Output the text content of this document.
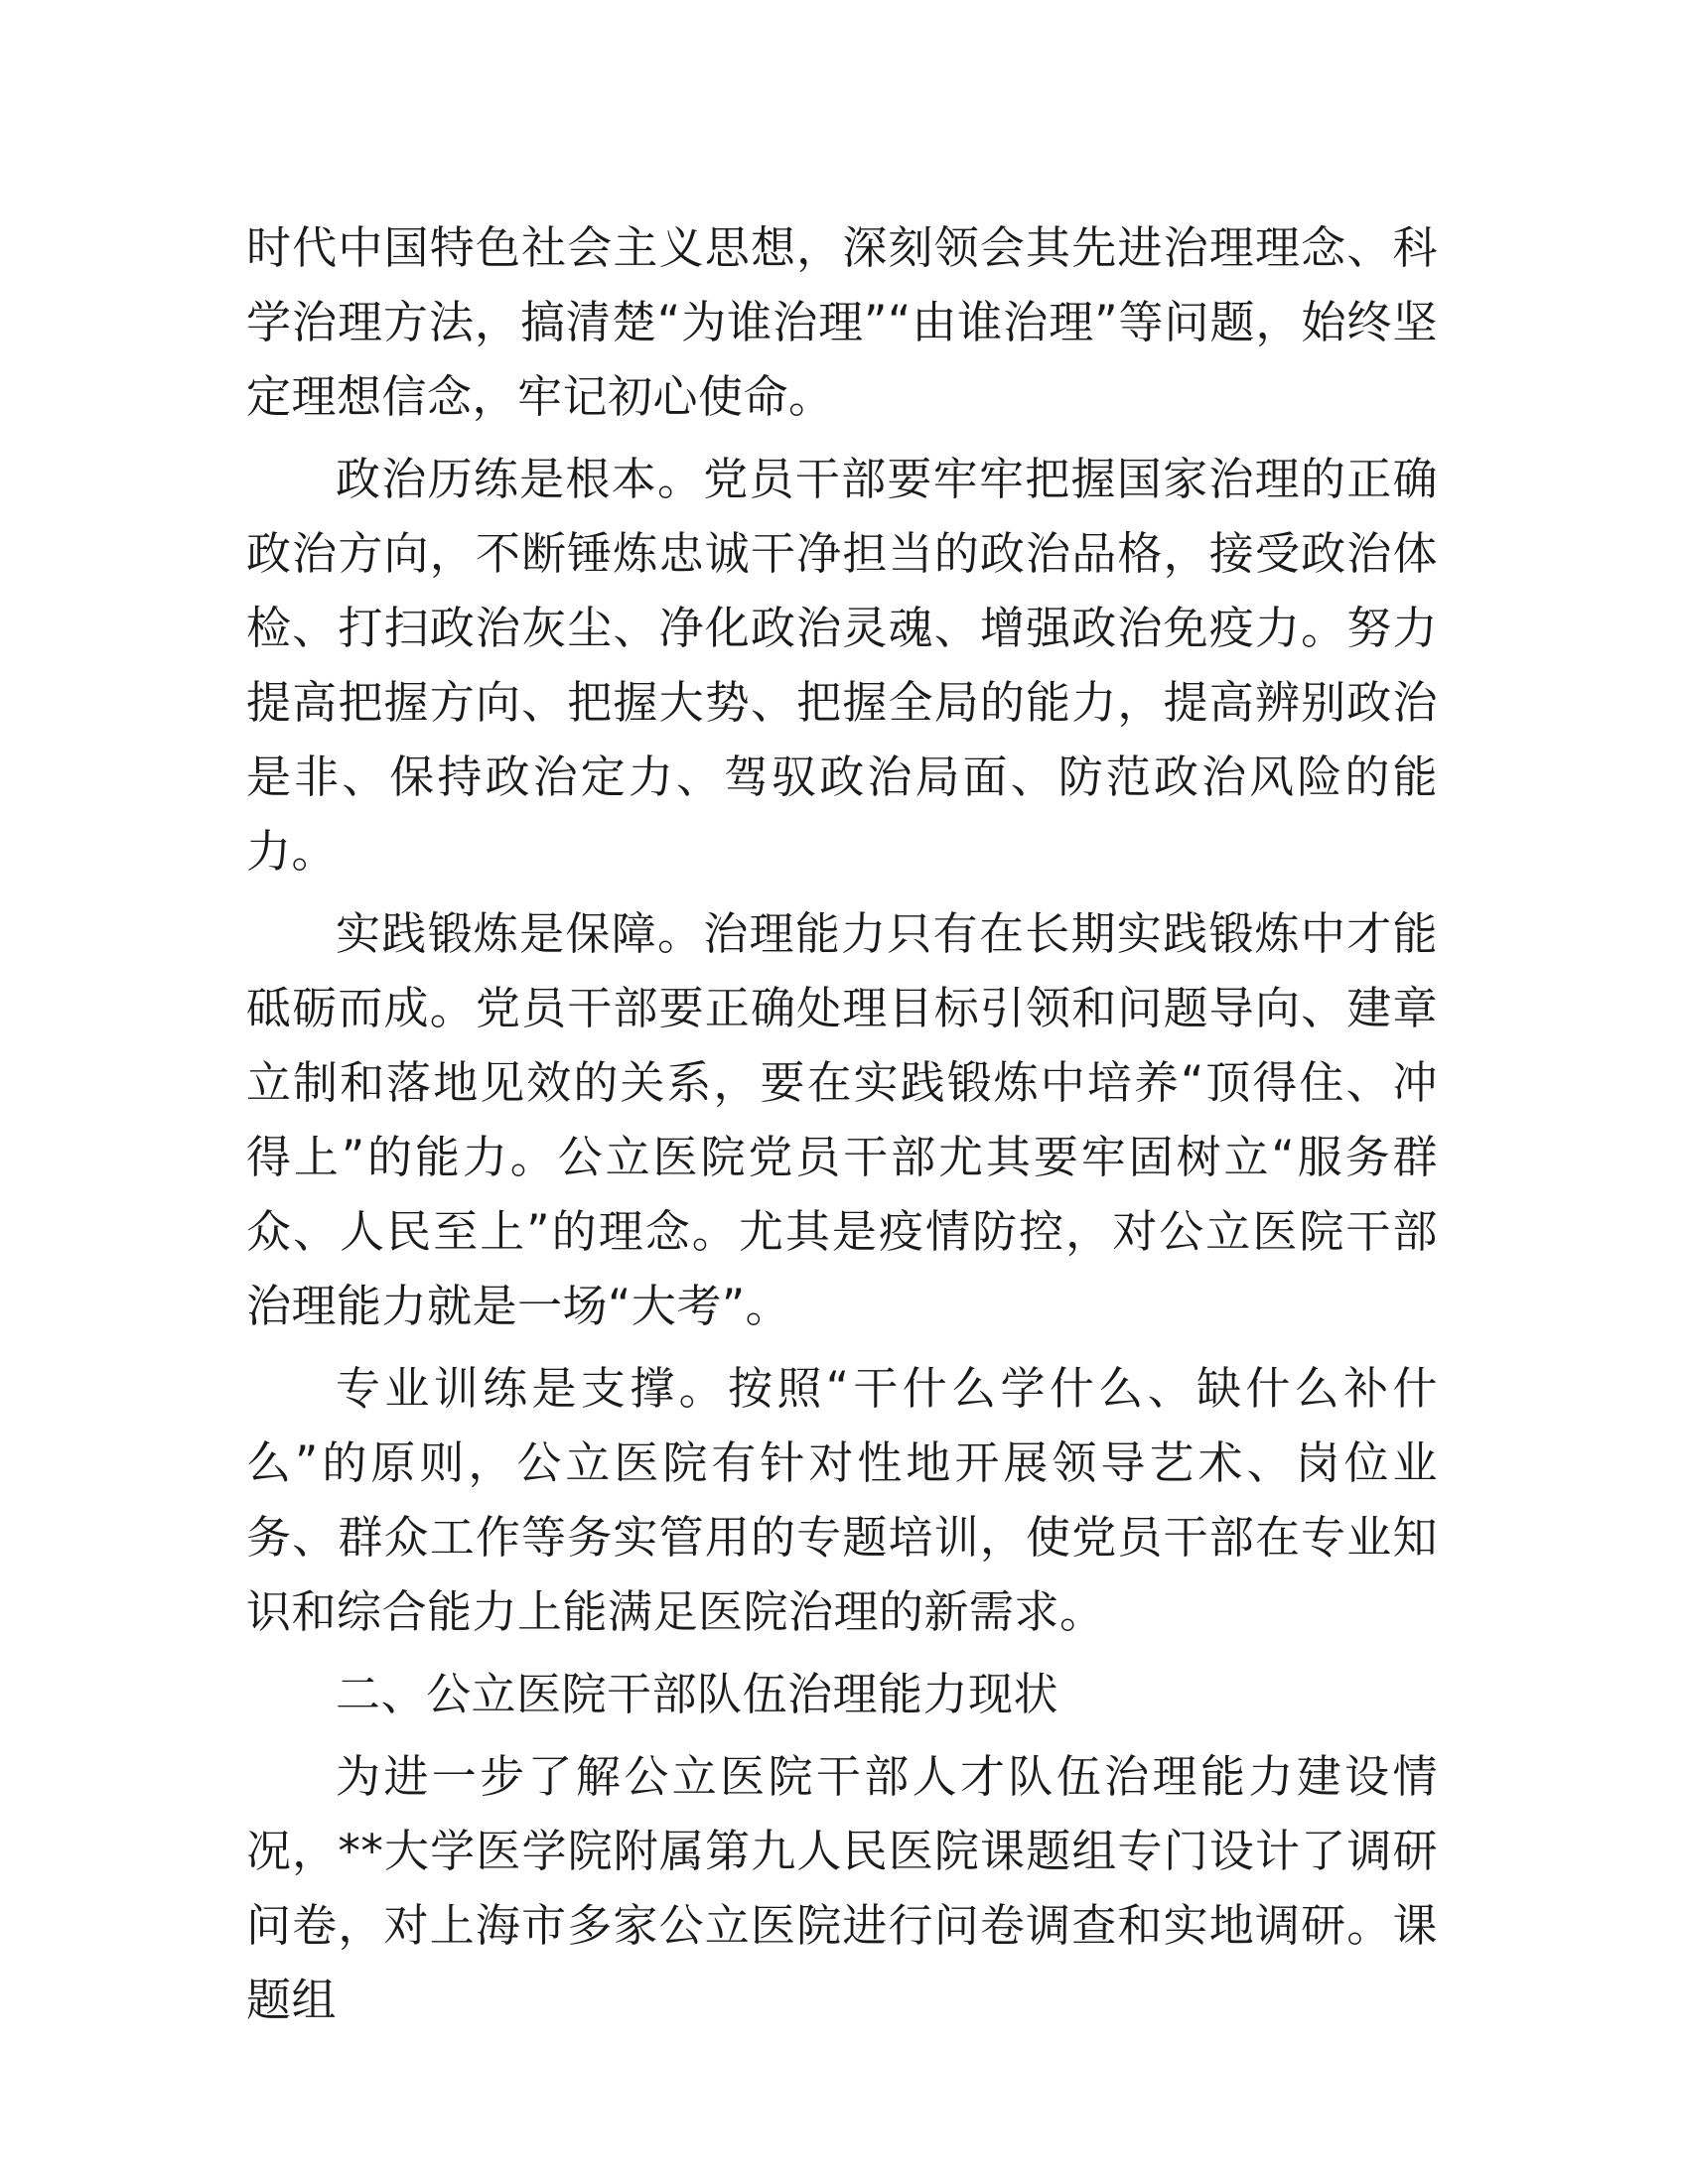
时代中国特色社会主义思想，深刻领会其先进治理理念、科学治理方法，搞清楚“为谁治理”“由谁治理”等问题，始终坚定理想信念，牢记初心使命。

政治历练是根本。党员干部要牢牢把握国家治理的正确政治方向，不断锤炼忠诚干净担当的政治品格，接受政治体检、打扫政治灰尘、净化政治灵魂、增强政治免疫力。努力提高把握方向、把握大势、把握全局的能力，提高辨别政治是非、保持政治定力、驾驭政治局面、防范政治风险的能力。

实践锻炼是保障。治理能力只有在长期实践锻炼中才能砥砺而成。党员干部要正确处理目标引领和问题导向、建章立制和落地见效的关系，要在实践锻炼中培养“顶得住、冲得上”的能力。公立医院党员干部尤其要牢固树立“服务群众、人民至上”的理念。尤其是疫情防控，对公立医院干部治理能力就是一场“大考”。

专业训练是支撑。按照“干什么学什么、缺什么补什么”的原则，公立医院有针对性地开展领导艺术、岗位业务、群众工作等务实管用的专题培训，使党员干部在专业知识和综合能力上能满足医院治理的新需求。

二、公立医院干部队伍治理能力现状

为进一步了解公立医院干部人才队伍治理能力建设情况，**大学医学院附属第九人民医院课题组专门设计了调研问卷，对上海市多家公立医院进行问卷调查和实地调研。课题组
